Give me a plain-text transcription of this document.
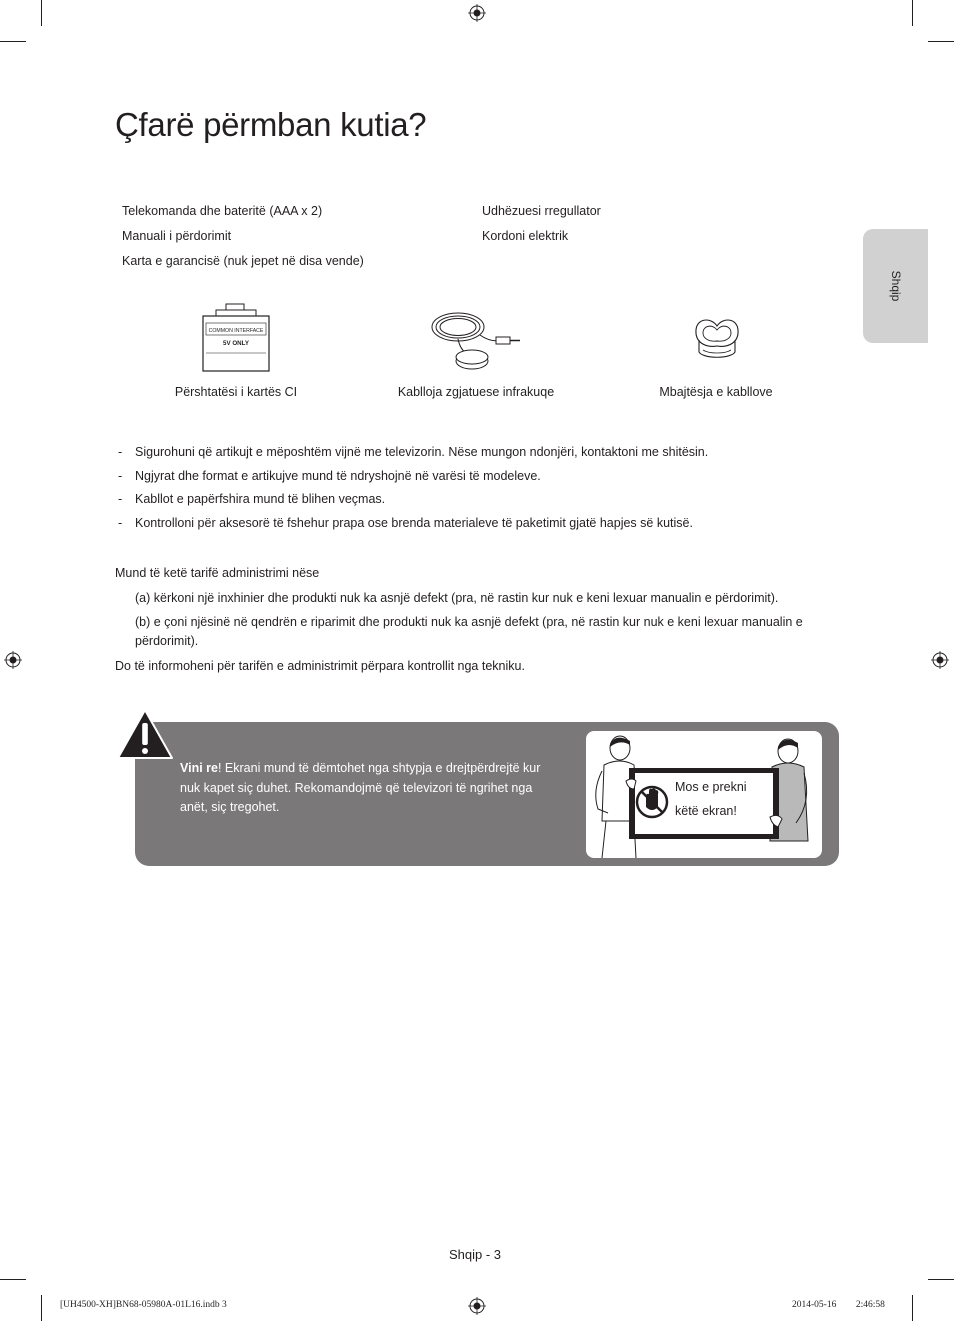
Çfarë përmban kutia?
Shqip
Telekomanda dhe bateritë (AAA x 2)
Manuali i përdorimit
Karta e garancisë (nuk jepet në disa vende)
Udhëzuesi rregullator
Kordoni elektrik
COMMON INTERFACE
5V ONLY
Përshtatësi i kartës CI	Kablloja zgjatuese infrakuqe	Mbajtësja e kabllove
- Sigurohuni që artikujt e mëposhtëm vijnë me televizorin. Nëse mungon ndonjëri, kontaktoni me shitësin.
- Ngjyrat dhe format e artikujve mund të ndryshojnë në varësi të modeleve.
- Kabllot e papërfshira mund të blihen veçmas.
- Kontrolloni për aksesorë të fshehur prapa ose brenda materialeve të paketimit gjatë hapjes së kutisë.
Mund të ketë tarifë administrimi nëse
(a) kërkoni një inxhinier dhe produkti nuk ka asnjë defekt (pra, në rastin kur nuk e keni lexuar manualin e përdorimit).
(b) e çoni njësinë në qendrën e riparimit dhe produkti nuk ka asnjë defekt (pra, në rastin kur nuk e keni lexuar manualin e
përdorimit).
Do të informoheni për tarifën e administrimit përpara kontrollit nga tekniku.
Vini re! Ekrani mund të dëmtohet nga shtypja e drejtpërdrejtë kur
nuk kapet siç duhet. Rekomandojmë që televizori të ngrihet nga
anët, siç tregohet.
Mos e prekni
këtë ekran!
Shqip - 3
[UH4500-XH]BN68-05980A-01L16.indb 3	2014-05-16 ￿￿ 2:46:58
